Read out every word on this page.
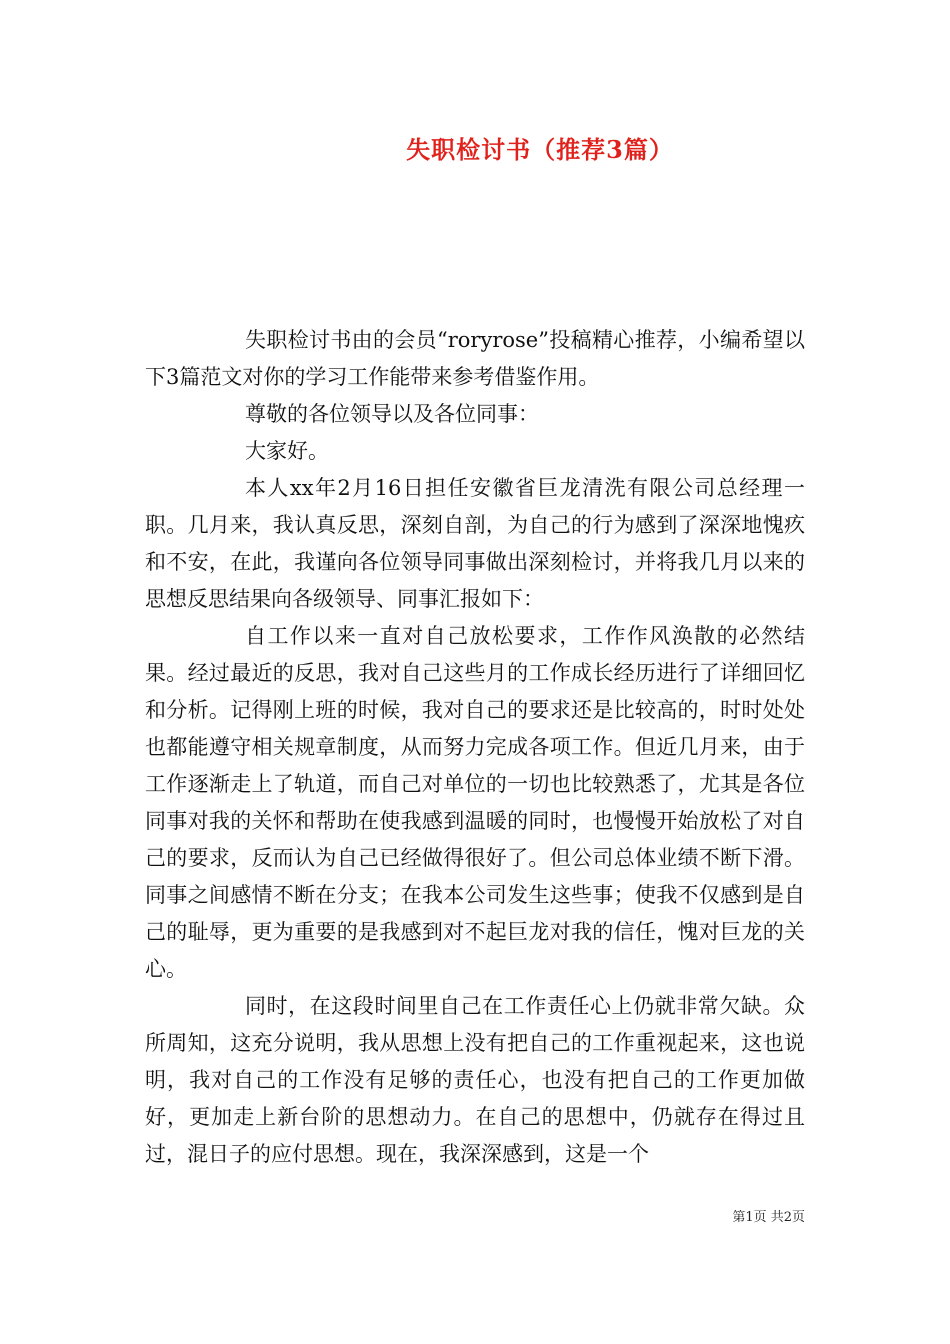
失职检讨书（推荐3篇）

失职检讨书由的会员“roryrose”投稿精心推荐，小编希望以下3篇范文对你的学习工作能带来参考借鉴作用。

尊敬的各位领导以及各位同事：

大家好。

本人xx年2月16日担任安徽省巨龙清洗有限公司总经理一职。几月来，我认真反思，深刻自剖，为自己的行为感到了深深地愧疚和不安，在此，我谨向各位领导同事做出深刻检讨，并将我几月以来的思想反思结果向各级领导、同事汇报如下：

自工作以来一直对自己放松要求，工作作风涣散的必然结果。经过最近的反思，我对自己这些月的工作成长经历进行了详细回忆和分析。记得刚上班的时候，我对自己的要求还是比较高的，时时处处也都能遵守相关规章制度，从而努力完成各项工作。但近几月来，由于工作逐渐走上了轨道，而自己对单位的一切也比较熟悉了，尤其是各位同事对我的关怀和帮助在使我感到温暖的同时，也慢慢开始放松了对自己的要求，反而认为自己已经做得很好了。但公司总体业绩不断下滑。同事之间感情不断在分支；在我本公司发生这些事；使我不仅感到是自己的耻辱，更为重要的是我感到对不起巨龙对我的信任，愧对巨龙的关心。

同时，在这段时间里自己在工作责任心上仍就非常欠缺。众所周知，这充分说明，我从思想上没有把自己的工作重视起来，这也说明，我对自己的工作没有足够的责任心，也没有把自己的工作更加做好，更加走上新台阶的思想动力。在自己的思想中，仍就存在得过且过，混日子的应付思想。现在，我深深感到，这是一个

第1页 共2页
